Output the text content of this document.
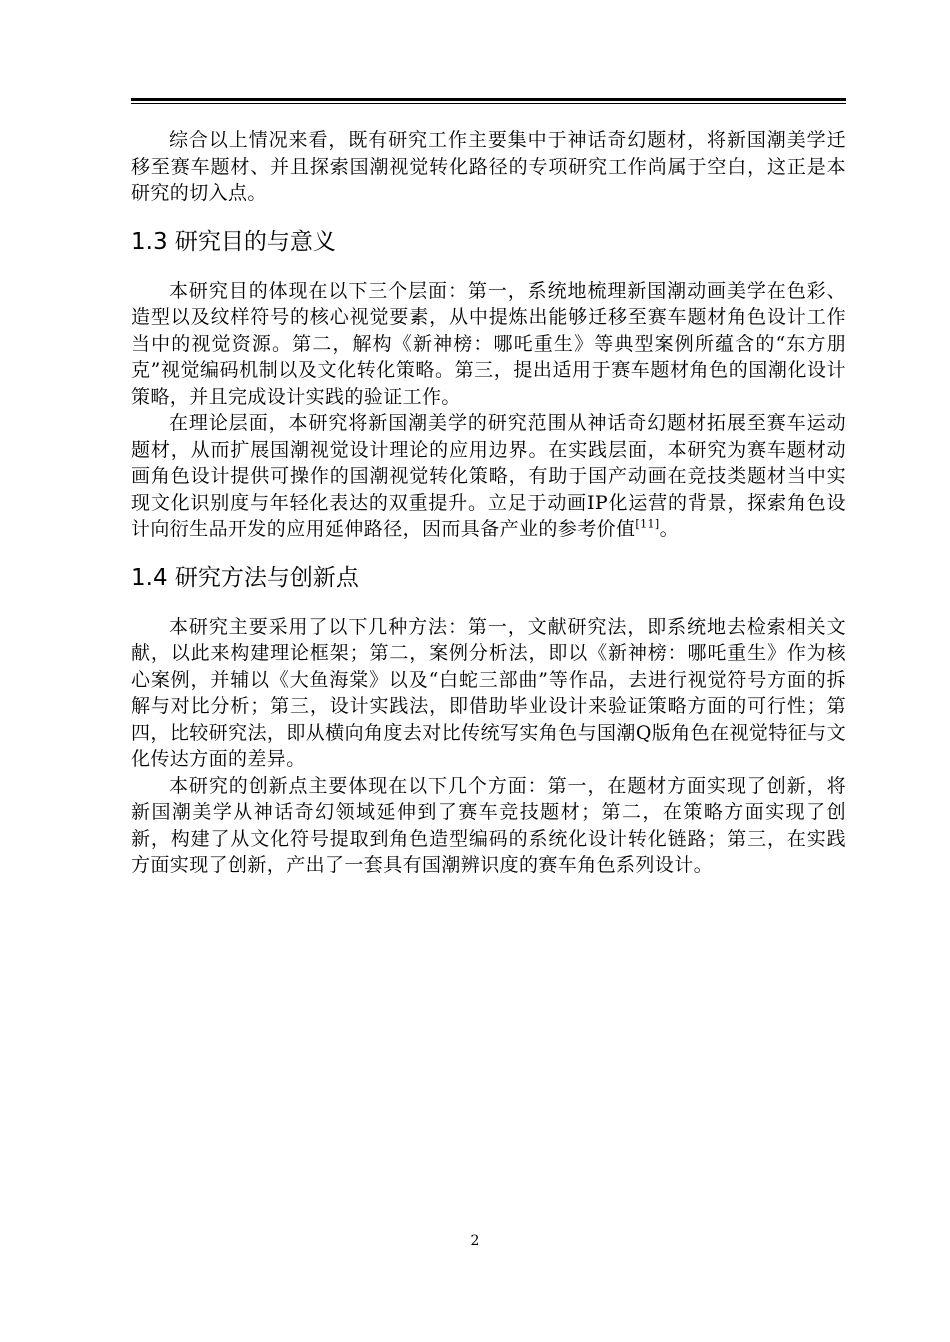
综合以上情况来看，既有研究工作主要集中于神话奇幻题材，将新国潮美学迁移至赛车题材、并且探索国潮视觉转化路径的专项研究工作尚属于空白，这正是本研究的切入点。

1.3 研究目的与意义

本研究目的体现在以下三个层面：第一，系统地梳理新国潮动画美学在色彩、造型以及纹样符号的核心视觉要素，从中提炼出能够迁移至赛车题材角色设计工作当中的视觉资源。第二，解构《新神榜：哪吒重生》等典型案例所蕴含的“东方朋克”视觉编码机制以及文化转化策略。第三，提出适用于赛车题材角色的国潮化设计策略，并且完成设计实践的验证工作。

在理论层面，本研究将新国潮美学的研究范围从神话奇幻题材拓展至赛车运动题材，从而扩展国潮视觉设计理论的应用边界。在实践层面，本研究为赛车题材动画角色设计提供可操作的国潮视觉转化策略，有助于国产动画在竞技类题材当中实现文化识别度与年轻化表达的双重提升。立足于动画IP化运营的背景，探索角色设计向衍生品开发的应用延伸路径，因而具备产业的参考价值[11]。

1.4 研究方法与创新点

本研究主要采用了以下几种方法：第一，文献研究法，即系统地去检索相关文献，以此来构建理论框架；第二，案例分析法，即以《新神榜：哪吒重生》作为核心案例，并辅以《大鱼海棠》以及“白蛇三部曲”等作品，去进行视觉符号方面的拆解与对比分析；第三，设计实践法，即借助毕业设计来验证策略方面的可行性；第四，比较研究法，即从横向角度去对比传统写实角色与国潮Q版角色在视觉特征与文化传达方面的差异。

本研究的创新点主要体现在以下几个方面：第一，在题材方面实现了创新，将新国潮美学从神话奇幻领域延伸到了赛车竞技题材；第二，在策略方面实现了创新，构建了从文化符号提取到角色造型编码的系统化设计转化链路；第三，在实践方面实现了创新，产出了一套具有国潮辨识度的赛车角色系列设计。

2
